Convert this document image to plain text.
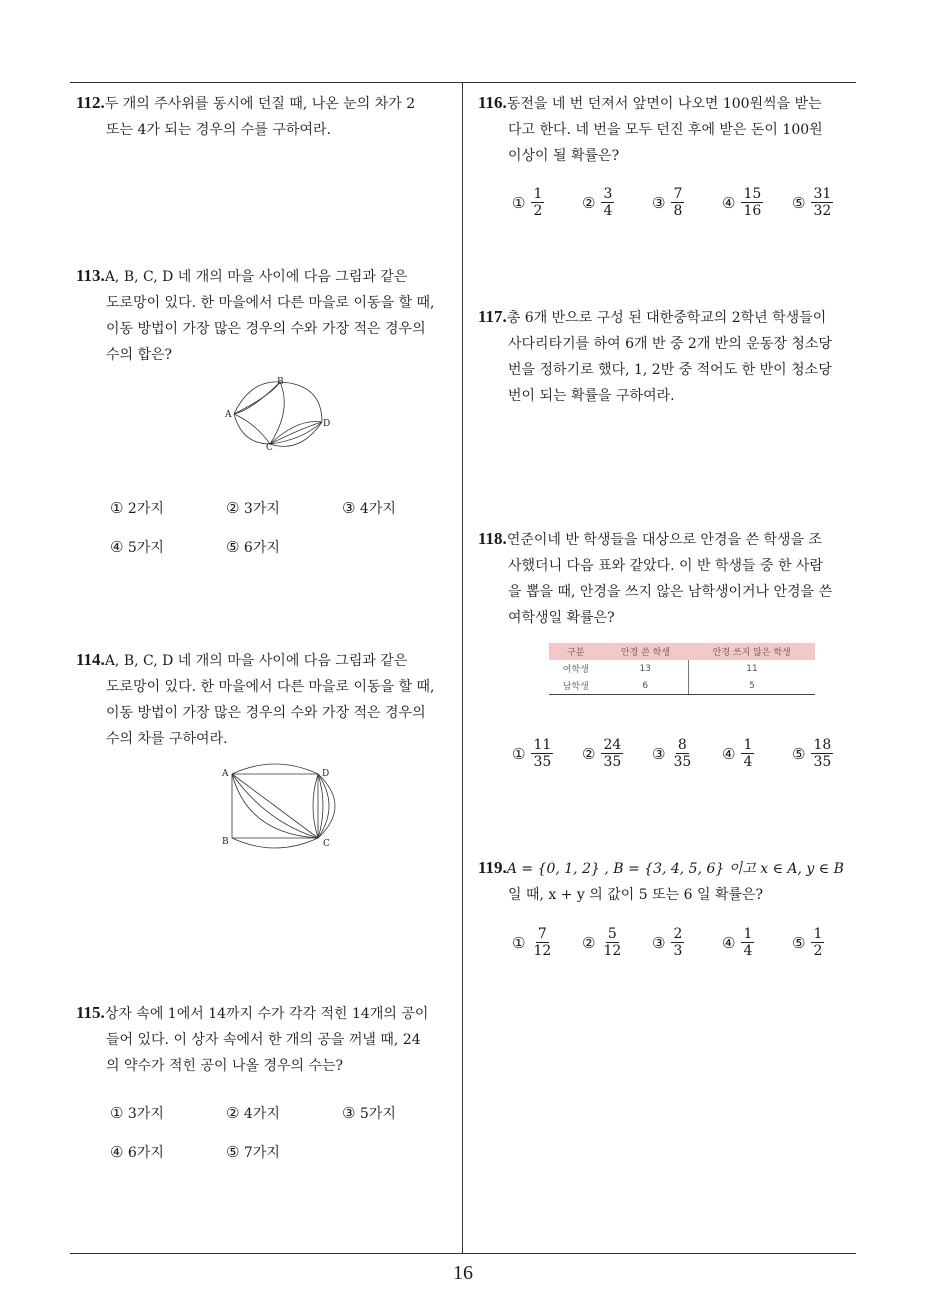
112.두 개의 주사위를 동시에 던질 때, 나온 눈의 차가 2
또는 4가 되는 경우의 수를 구하여라.
113.A, B, C, D 네 개의 마을 사이에 다음 그림과 같은
도로망이 있다. 한 마을에서 다른 마을로 이동을 할 때,
이동 방법이 가장 많은 경우의 수와 가장 적은 경우의
수의 합은?
A
B
C
D
① 2가지	② 3가지	③ 4가지
④ 5가지	⑤ 6가지
114.A, B, C, D 네 개의 마을 사이에 다음 그림과 같은
도로망이 있다. 한 마을에서 다른 마을로 이동을 할 때,
이동 방법이 가장 많은 경우의 수와 가장 적은 경우의
수의 차를 구하여라.
A	D
B	C
115.상자 속에 1에서 14까지 수가 각각 적힌 14개의 공이
들어 있다. 이 상자 속에서 한 개의 공을 꺼낼 때, 24
의 약수가 적힌 공이 나올 경우의 수는?
① 3가지	② 4가지	③ 5가지
④ 6가지	⑤ 7가지
116.동전을 네 번 던져서 앞면이 나오면 100원씩을 받는
다고 한다. 네 번을 모두 던진 후에 받은 돈이 100원
이상이 될 확률은?
① $\frac{1}{2}$	② $\frac{3}{4}$	③ $\frac{7}{8}$	④ $\frac{15}{16}$ ⑤ $\frac{31}{32}$
117.총 6개 반으로 구성 된 대한중학교의 2학년 학생들이
사다리타기를 하여 6개 반 중 2개 반의 운동장 청소당
번을 정하기로 했다, 1, 2반 중 적어도 한 반이 청소당
번이 되는 확률을 구하여라.
118.연준이네 반 학생들을 대상으로 안경을 쓴 학생을 조
사했더니 다음 표와 같았다. 이 반 학생들 중 한 사람
을 뽑을 때, 안경을 쓰지 않은 남학생이거나 안경을 쓴
여학생일 확률은?
구분	안경 쓴 학생	안경 쓰지 않은 학생
여학생	13	11
남학생	6	5
① $\frac{11}{35}$ ② $\frac{24}{35}$ ③ $\frac{8}{35}$ ④ $\frac{1}{4}$	⑤ $\frac{18}{35}$
119.A = {0, 1, 2} , B = {3, 4, 5, 6} 이고 x ∈ A, y ∈ B
일 때, x + y 의 값이 5 또는 6 일 확률은?
① $\frac{7}{12}$ ② $\frac{5}{12}$ ③ $\frac{2}{3}$	④ $\frac{1}{4}$	⑤ $\frac{1}{2}$
16
